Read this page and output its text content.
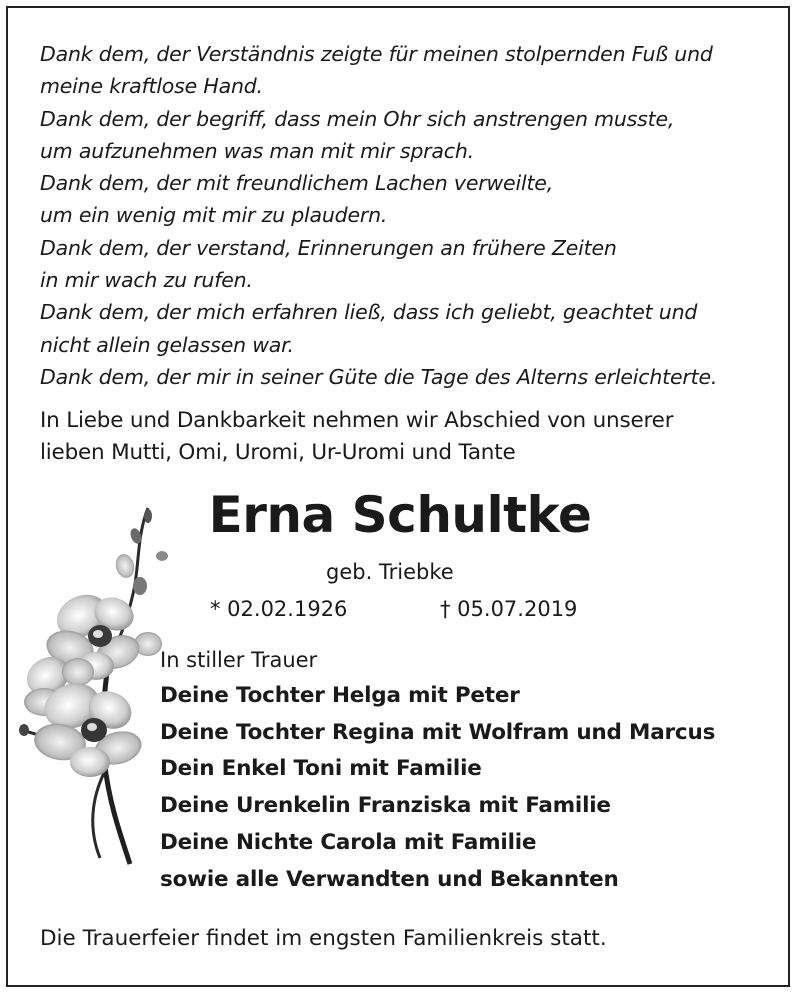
Dank dem, der Verständnis zeigte für meinen stolpernden Fuß und
meine kraftlose Hand.
Dank dem, der begriff, dass mein Ohr sich anstrengen musste,
um aufzunehmen was man mit mir sprach.
Dank dem, der mit freundlichem Lachen verweilte,
um ein wenig mit mir zu plaudern.
Dank dem, der verstand, Erinnerungen an frühere Zeiten
in mir wach zu rufen.
Dank dem, der mich erfahren ließ, dass ich geliebt, geachtet und
nicht allein gelassen war.
Dank dem, der mir in seiner Güte die Tage des Alterns erleichterte.
In Liebe und Dankbarkeit nehmen wir Abschied von unserer
lieben Mutti, Omi, Uromi, Ur-Uromi und Tante
Erna Schultke
geb. Triebke
* 02.02.1926	† 05.07.2019
In stiller Trauer
Deine Tochter Helga mit Peter
Deine Tochter Regina mit Wolfram und Marcus
Dein Enkel Toni mit Familie
Deine Urenkelin Franziska mit Familie
Deine Nichte Carola mit Familie
sowie alle Verwandten und Bekannten
Die Trauerfeier findet im engsten Familienkreis statt.
